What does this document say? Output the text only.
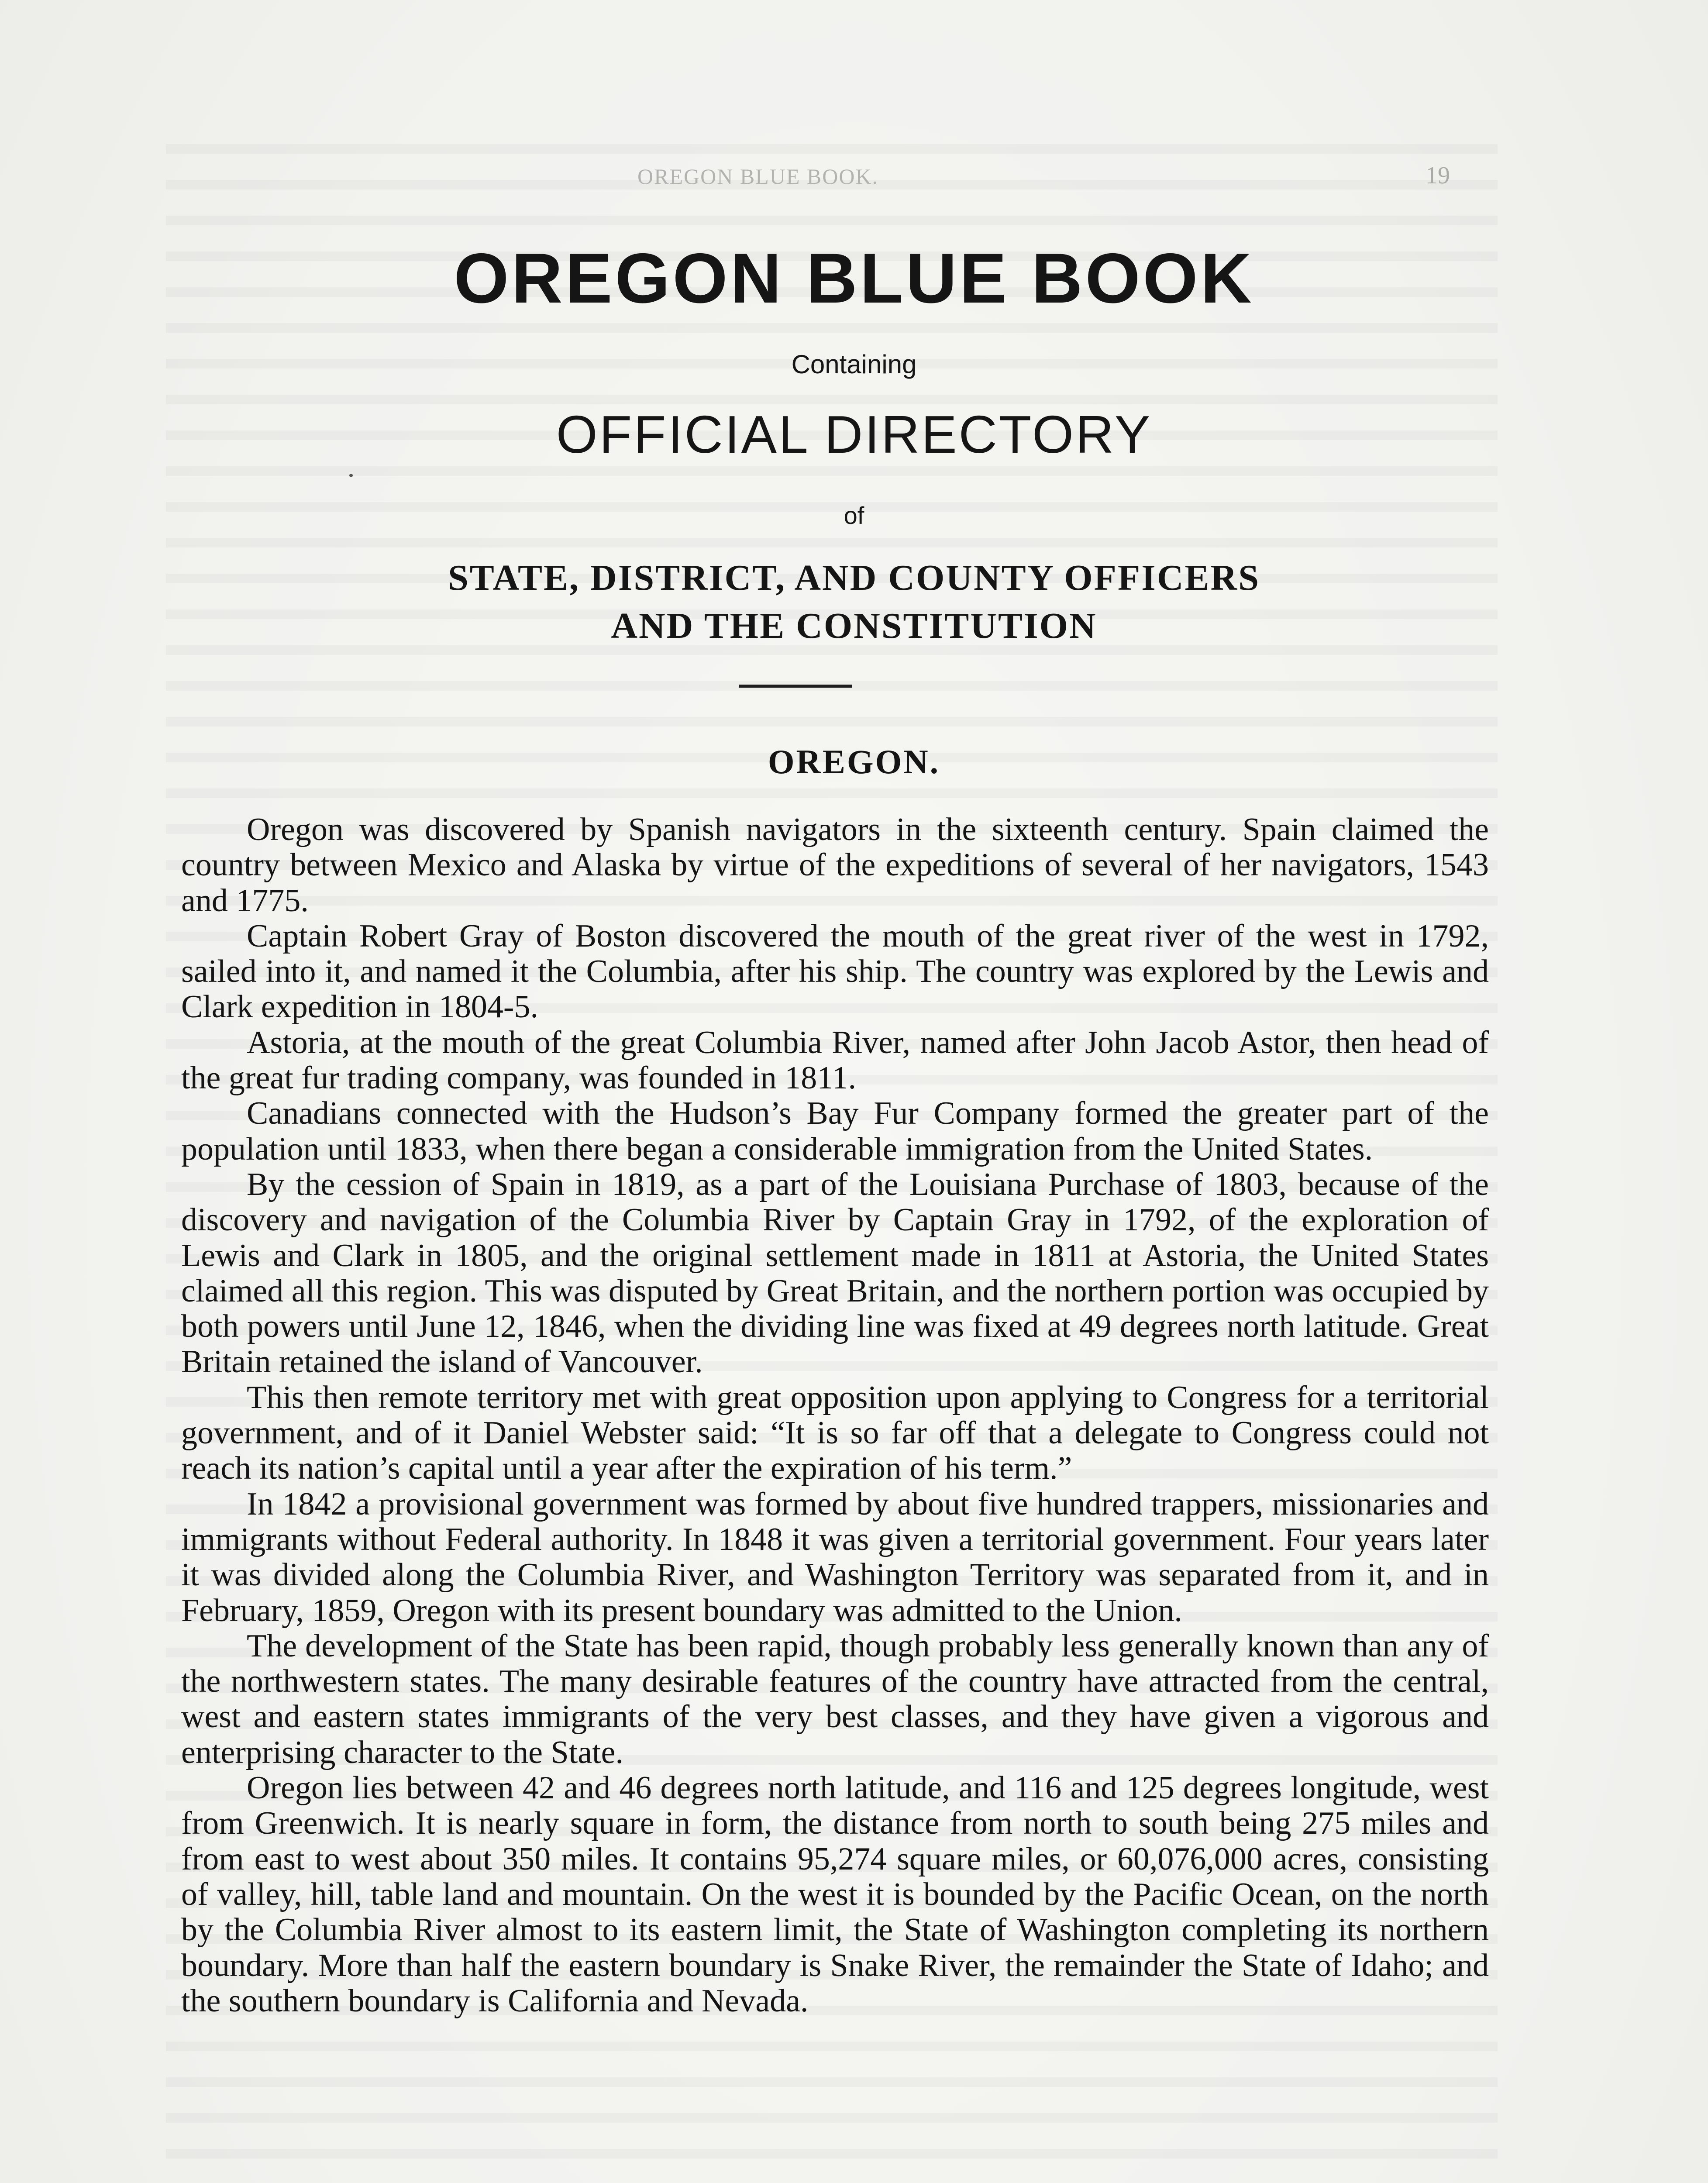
OREGON BLUE BOOK.	19
OREGON BLUE BOOK
Containing
OFFICIAL DIRECTORY
of
STATE, DISTRICT, AND COUNTY OFFICERS
AND THE CONSTITUTION
OREGON.

Oregon was discovered by Spanish navigators in the sixteenth century. Spain claimed the country between Mexico and Alaska by virtue of the expeditions of several of her navigators, 1543 and 1775.

Captain Robert Gray of Boston discovered the mouth of the great river of the west in 1792, sailed into it, and named it the Columbia, after his ship. The country was explored by the Lewis and Clark expedition in 1804-5.

Astoria, at the mouth of the great Columbia River, named after John Jacob Astor, then head of the great fur trading company, was founded in 1811.

Canadians connected with the Hudson’s Bay Fur Company formed the greater part of the population until 1833, when there began a considerable immigration from the United States.

By the cession of Spain in 1819, as a part of the Louisiana Purchase of 1803, because of the discovery and navigation of the Columbia River by Captain Gray in 1792, of the exploration of Lewis and Clark in 1805, and the original settlement made in 1811 at Astoria, the United States claimed all this region. This was disputed by Great Britain, and the northern portion was occupied by both powers until June 12, 1846, when the dividing line was fixed at 49 degrees north latitude. Great Britain retained the island of Vancouver.

This then remote territory met with great opposition upon applying to Congress for a territorial government, and of it Daniel Webster said: “It is so far off that a delegate to Congress could not reach its nation’s capital until a year after the expiration of his term.”

In 1842 a provisional government was formed by about five hundred trappers, missionaries and immigrants without Federal authority. In 1848 it was given a territorial government. Four years later it was divided along the Columbia River, and Washington Territory was separated from it, and in February, 1859, Oregon with its present boundary was admitted to the Union.

The development of the State has been rapid, though probably less generally known than any of the northwestern states. The many desirable features of the country have attracted from the central, west and eastern states immigrants of the very best classes, and they have given a vigorous and enterprising character to the State.

Oregon lies between 42 and 46 degrees north latitude, and 116 and 125 degrees longitude, west from Greenwich. It is nearly square in form, the distance from north to south being 275 miles and from east to west about 350 miles. It contains 95,274 square miles, or 60,076,000 acres, consisting of valley, hill, table land and mountain. On the west it is bounded by the Pacific Ocean, on the north by the Columbia River almost to its eastern limit, the State of Washington completing its northern boundary. More than half the eastern boundary is Snake River, the remainder the State of Idaho; and the southern boundary is California and Nevada.
